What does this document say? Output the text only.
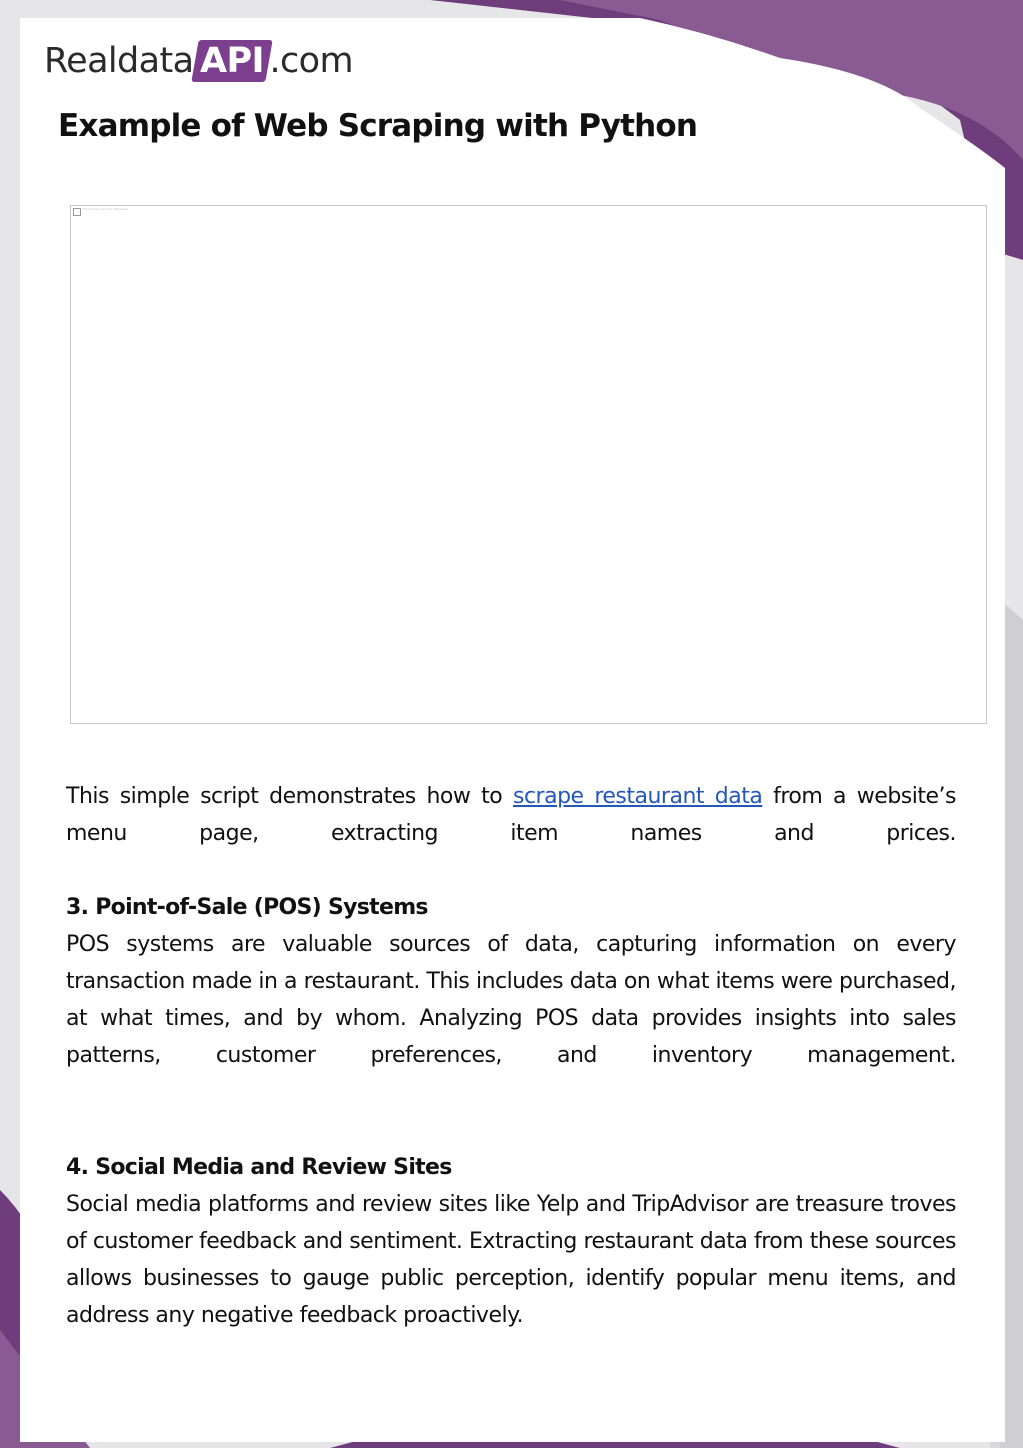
Realdata API .com
Example of Web Scraping with Python
The picture can't be displayed.

This simple script demonstrates how to scrape restaurant data from a website’s menu page, extracting item names and prices.

3. Point-of-Sale (POS) Systems

POS systems are valuable sources of data, capturing information on every transaction made in a restaurant. This includes data on what items were purchased, at what times, and by whom. Analyzing POS data provides insights into sales patterns, customer preferences, and inventory management.

4. Social Media and Review Sites

Social media platforms and review sites like Yelp and TripAdvisor are treasure troves of customer feedback and sentiment. Extracting restaurant data from these sources allows businesses to gauge public perception, identify popular menu items, and address any negative feedback proactively.
